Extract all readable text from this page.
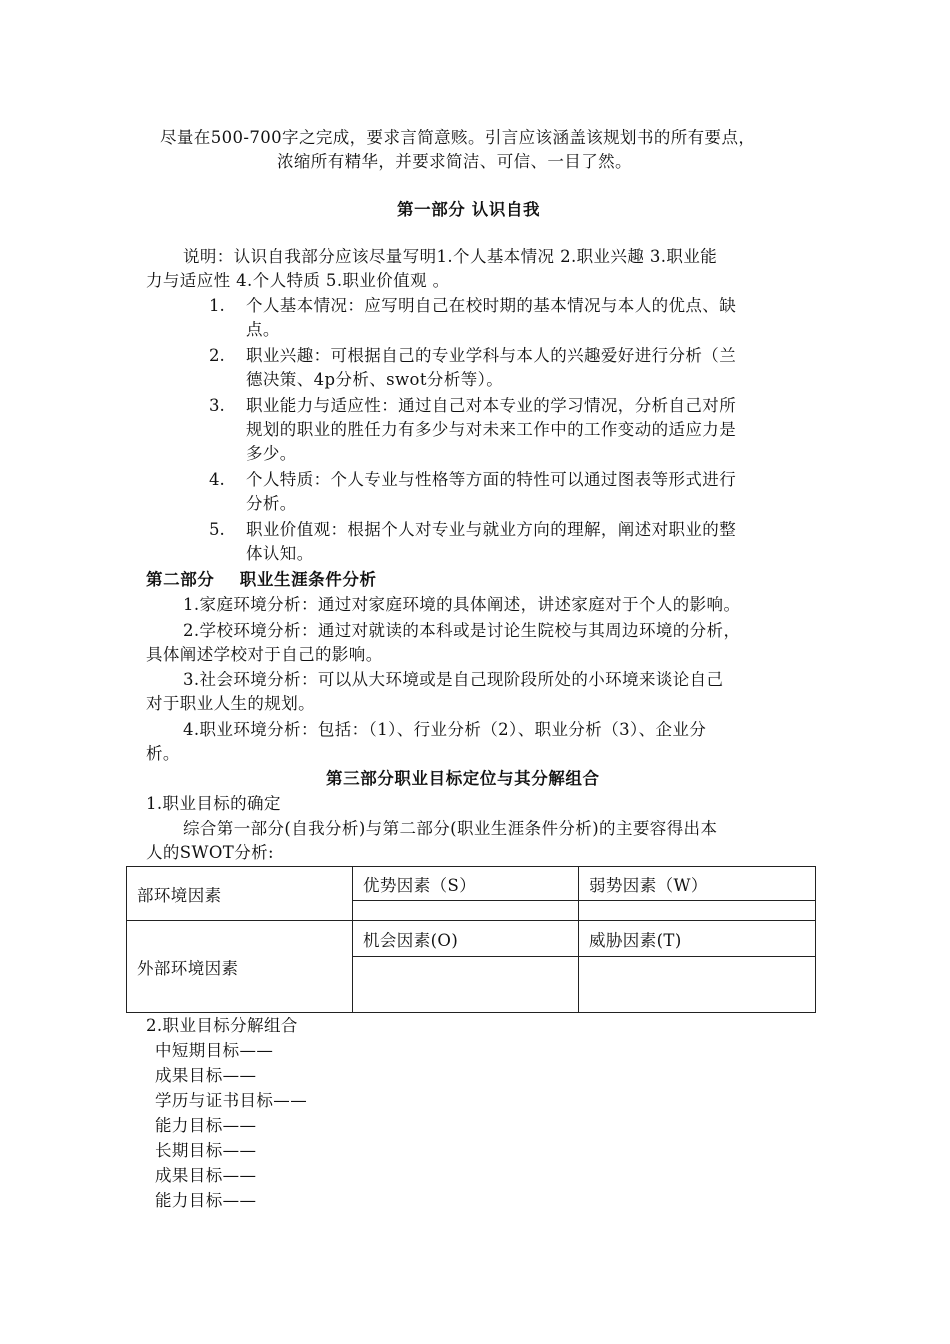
尽量在500-700字之完成，要求言简意赅。引言应该涵盖该规划书的所有要点，
浓缩所有精华，并要求简洁、可信、一目了然。
第一部分 认识自我
说明：认识自我部分应该尽量写明1.个人基本情况 2.职业兴趣 3.职业能
力与适应性 4.个人特质 5.职业价值观 。
1. 个人基本情况：应写明自己在校时期的基本情况与本人的优点、缺
点。
2. 职业兴趣：可根据自己的专业学科与本人的兴趣爱好进行分析（兰
德决策、4p分析、swot分析等）。
3. 职业能力与适应性：通过自己对本专业的学习情况，分析自己对所
规划的职业的胜任力有多少与对未来工作中的工作变动的适应力是
多少。
4. 个人特质：个人专业与性格等方面的特性可以通过图表等形式进行
分析。
5. 职业价值观：根据个人对专业与就业方向的理解，阐述对职业的整
体认知。
第二部分    职业生涯条件分析
1.家庭环境分析：通过对家庭环境的具体阐述，讲述家庭对于个人的影响。
2.学校环境分析：通过对就读的本科或是讨论生院校与其周边环境的分析，
具体阐述学校对于自己的影响。
3.社会环境分析：可以从大环境或是自己现阶段所处的小环境来谈论自己
对于职业人生的规划。
4.职业环境分析：包括：（1）、行业分析（2）、职业分析（3）、企业分
析。
第三部分职业目标定位与其分解组合
1.职业目标的确定
综合第一部分(自我分析)与第二部分(职业生涯条件分析)的主要容得出本
人的SWOT分析:
部环境因素	优势因素（S）	弱势因素（W）

外部环境因素	机会因素(O)	威胁因素(T)

2.职业目标分解组合
中短期目标——
成果目标——
学历与证书目标——
能力目标——
长期目标——
成果目标——
能力目标——
